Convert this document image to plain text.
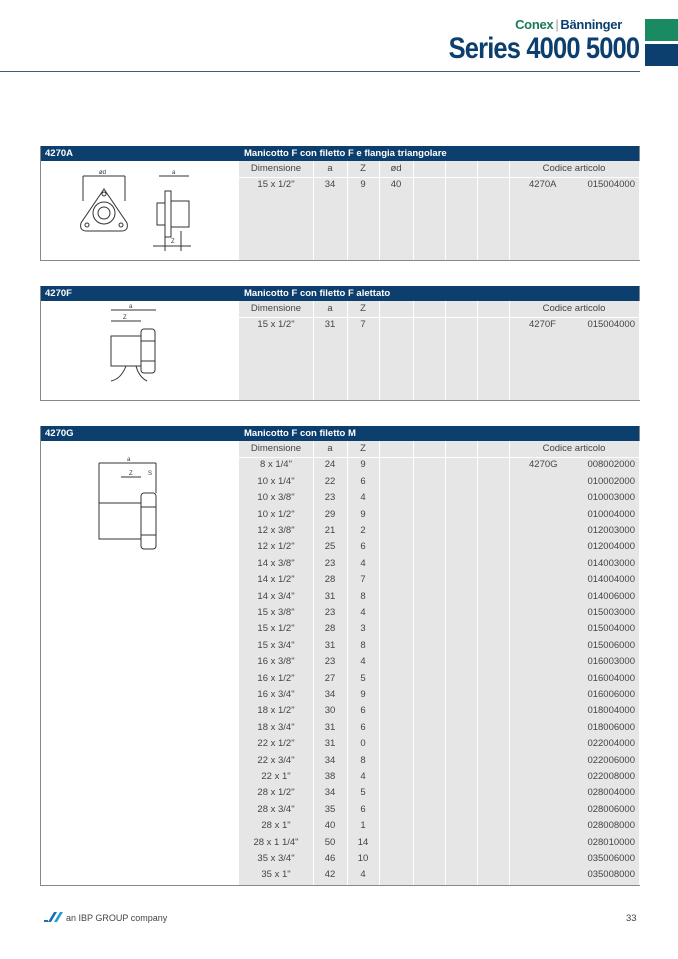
Conex | Bänninger
Series 4000 5000
4270A	Manicotto F con filetto F e flangia triangolare
ød	a
Z
Dimensione	a	Z	ød	Codice articolo
15 x 1/2"	34	9	40	4270A	015004000
4270F	Manicotto F con filetto F alettato
a
Z
Dimensione	a	Z	Codice articolo
15 x 1/2"	31	7	4270F	015004000
4270G	Manicotto F con filetto M
a
Z	S
Dimensione	a	Z	Codice articolo
8 x 1/4"	24	9	4270G	008002000
10 x 1/4"	22	6	010002000
10 x 3/8"	23	4	010003000
10 x 1/2"	29	9	010004000
12 x 3/8"	21	2	012003000
12 x 1/2"	25	6	012004000
14 x 3/8"	23	4	014003000
14 x 1/2"	28	7	014004000
14 x 3/4"	31	8	014006000
15 x 3/8"	23	4	015003000
15 x 1/2"	28	3	015004000
15 x 3/4"	31	8	015006000
16 x 3/8"	23	4	016003000
16 x 1/2"	27	5	016004000
16 x 3/4"	34	9	016006000
18 x 1/2"	30	6	018004000
18 x 3/4"	31	6	018006000
22 x 1/2"	31	0	022004000
22 x 3/4"	34	8	022006000
22 x 1"	38	4	022008000
28 x 1/2"	34	5	028004000
28 x 3/4"	35	6	028006000
28 x 1"	40	1	028008000
28 x 1 1/4"	50	14	028010000
35 x 3/4"	46	10	035006000
35 x 1"	42	4	035008000
an IBP GROUP company	33
